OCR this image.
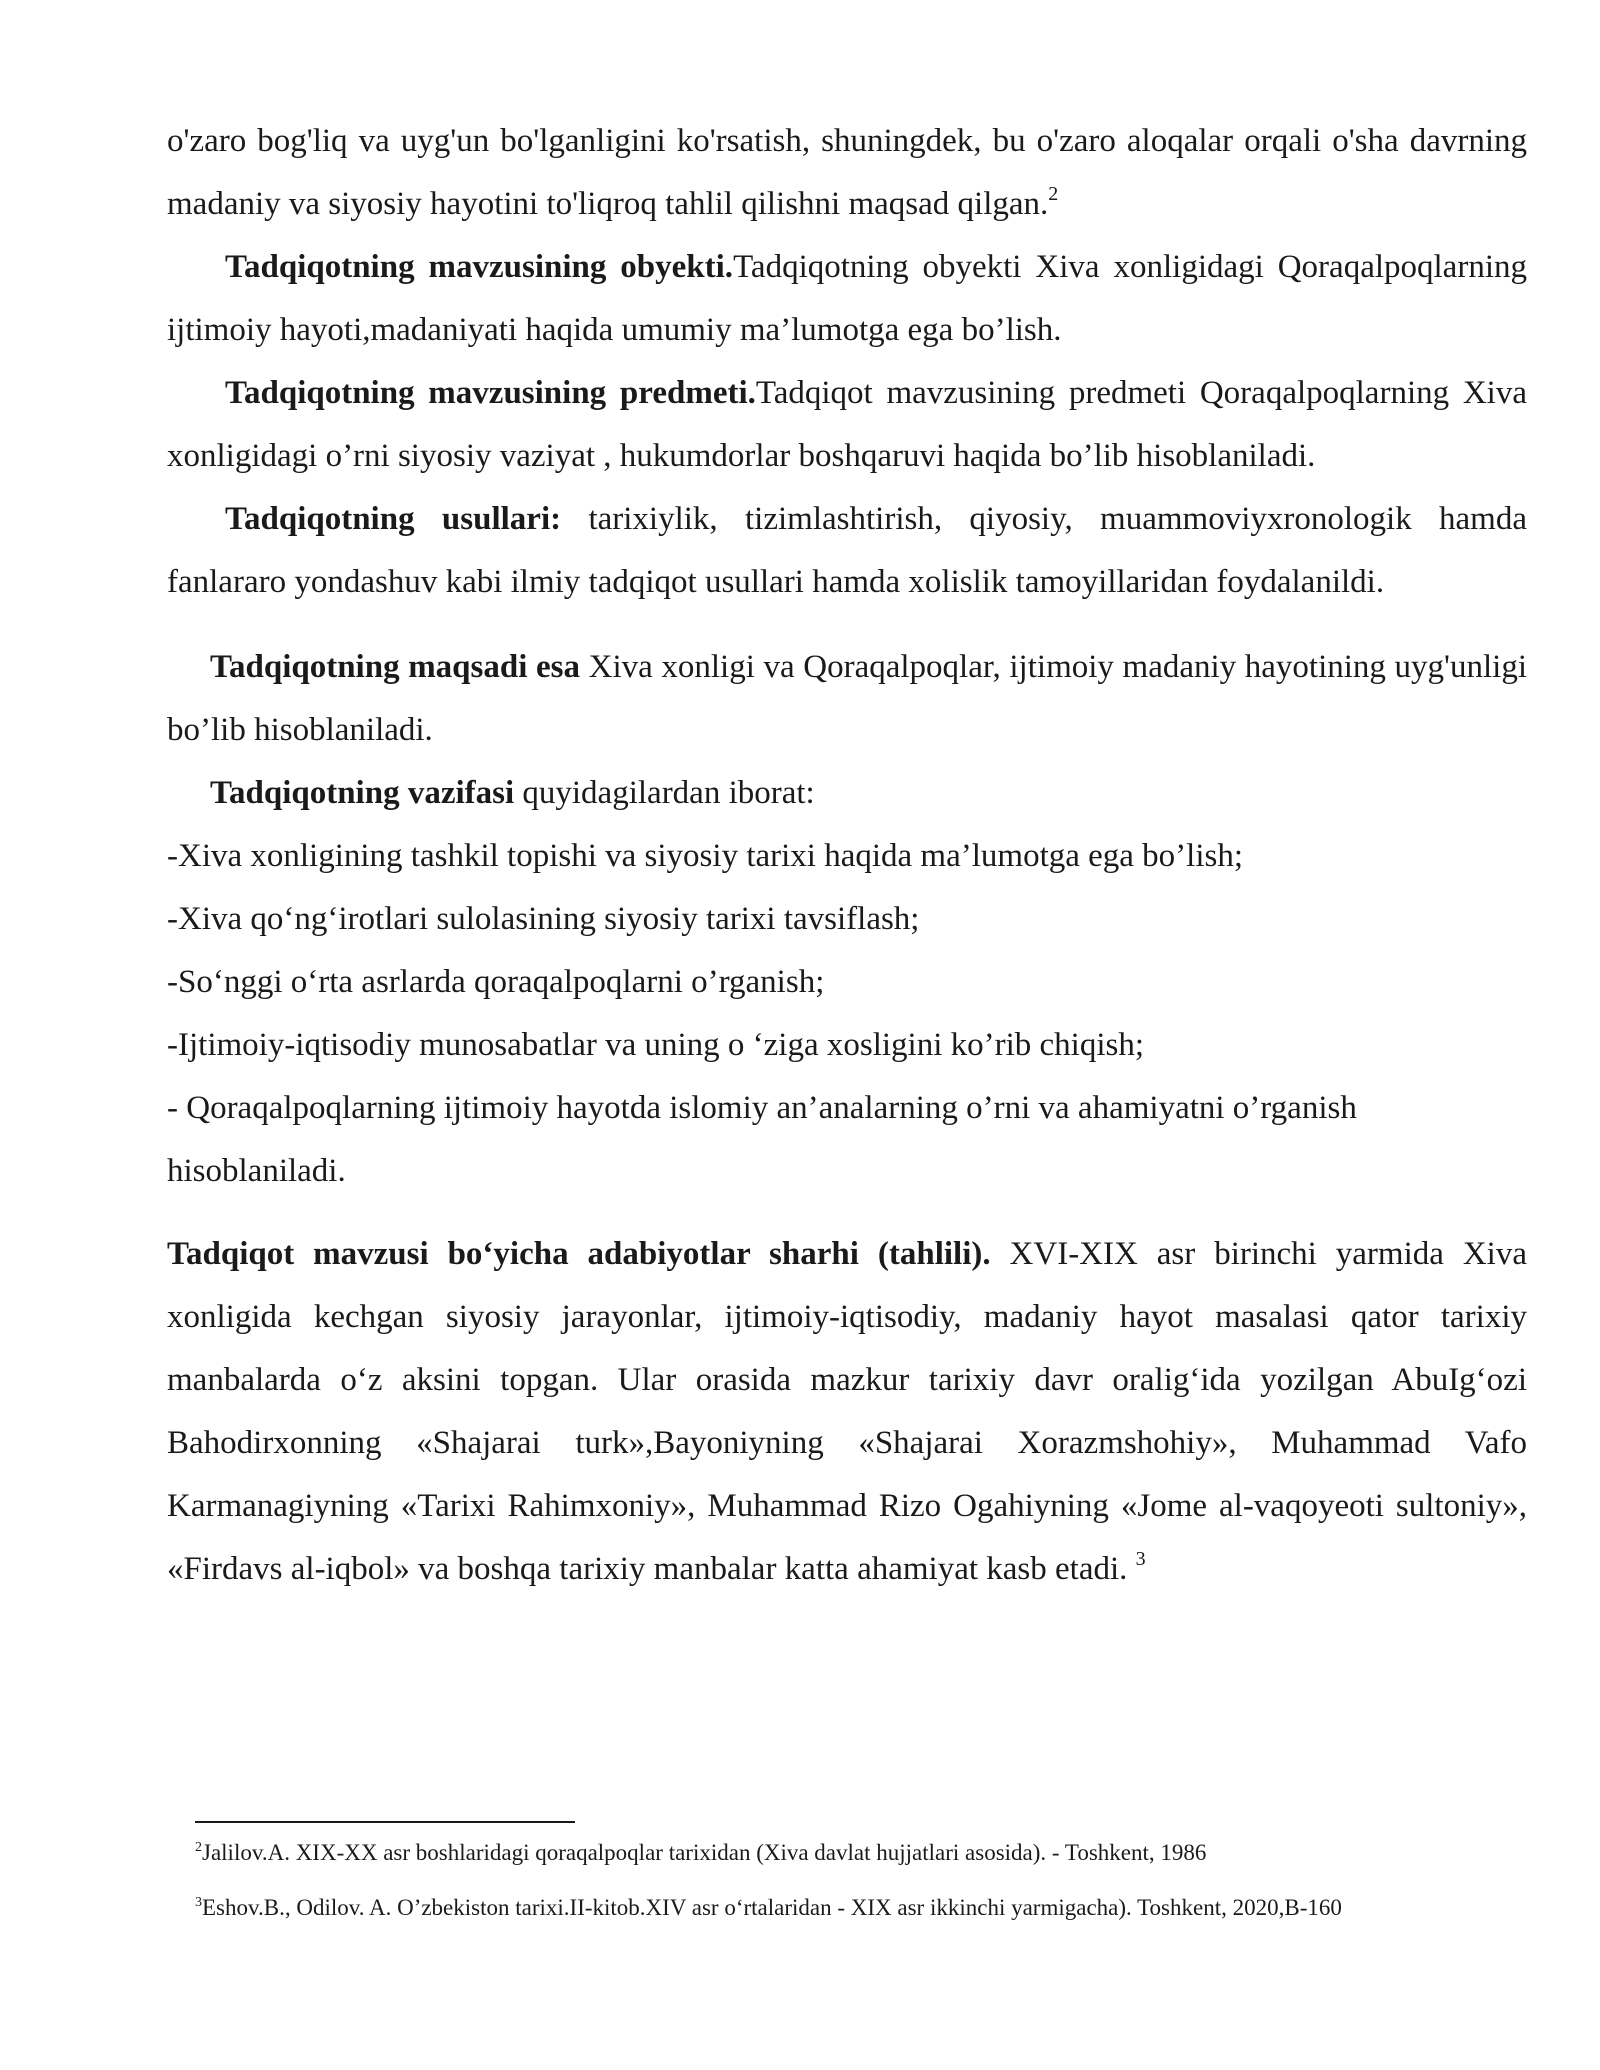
o'zaro bog'liq va uyg'un bo'lganligini ko'rsatish, shuningdek, bu o'zaro aloqalar orqali o'sha davrning madaniy va siyosiy hayotini to'liqroq tahlil qilishni maqsad qilgan.$^2$

Tadqiqotning mavzusining obyekti.Tadqiqotning obyekti Xiva xonligidagi Qoraqalpoqlarning ijtimoiy hayoti,madaniyati haqida umumiy ma’lumotga ega bo’lish.

Tadqiqotning mavzusining predmeti.Tadqiqot mavzusining predmeti Qoraqalpoqlarning Xiva xonligidagi o’rni siyosiy vaziyat , hukumdorlar boshqaruvi haqida bo’lib hisoblaniladi.

Tadqiqotning usullari: tarixiylik, tizimlashtirish, qiyosiy, muammoviyxronologik hamda fanlararo yondashuv kabi ilmiy tadqiqot usullari hamda xolislik tamoyillaridan foydalanildi.

Tadqiqotning maqsadi esa Xiva xonligi va Qoraqalpoqlar, ijtimoiy madaniy hayotining uyg'unligi bo’lib hisoblaniladi.

Tadqiqotning vazifasi quyidagilardan iborat:

-Xiva xonligining tashkil topishi va siyosiy tarixi haqida ma’lumotga ega bo’lish;

-Xiva qo‘ng‘irotlari sulolasining siyosiy tarixi tavsiflash;

-So‘nggi o‘rta asrlarda qoraqalpoqlarni o’rganish;

-Ijtimoiy-iqtisodiy munosabatlar va uning o ‘ziga xosligini ko’rib chiqish;

- Qoraqalpoqlarning ijtimoiy hayotda islomiy an’analarning o’rni va ahamiyatni o’rganish hisoblaniladi.

Tadqiqot mavzusi bo‘yicha adabiyotlar sharhi (tahlili). XVI-XIX asr birinchi yarmida Xiva xonligida kechgan siyosiy jarayonlar, ijtimoiy-iqtisodiy, madaniy hayot masalasi qator tarixiy manbalarda o‘z aksini topgan. Ular orasida mazkur tarixiy davr oralig‘ida yozilgan AbuIg‘ozi Bahodirxonning «Shajarai turk»,Bayoniyning «Shajarai Xorazmshohiy», Muhammad Vafo Karmanagiyning «Tarixi Rahimxoniy», Muhammad Rizo Ogahiyning «Jome al-vaqoyeoti sultoniy», «Firdavs al-iqbol» va boshqa tarixiy manbalar katta ahamiyat kasb etadi. $^3$

$^2$Jalilov.A. XIX-XX asr boshlaridagi qoraqalpoqlar tarixidan (Xiva davlat hujjatlari asosida). - Toshkent, 1986

$^3$Eshov.B., Odilov. A. O’zbekiston tarixi.II-kitob.XIV asr o‘rtalaridan - XIX asr ikkinchi yarmigacha). Toshkent, 2020,B-160
